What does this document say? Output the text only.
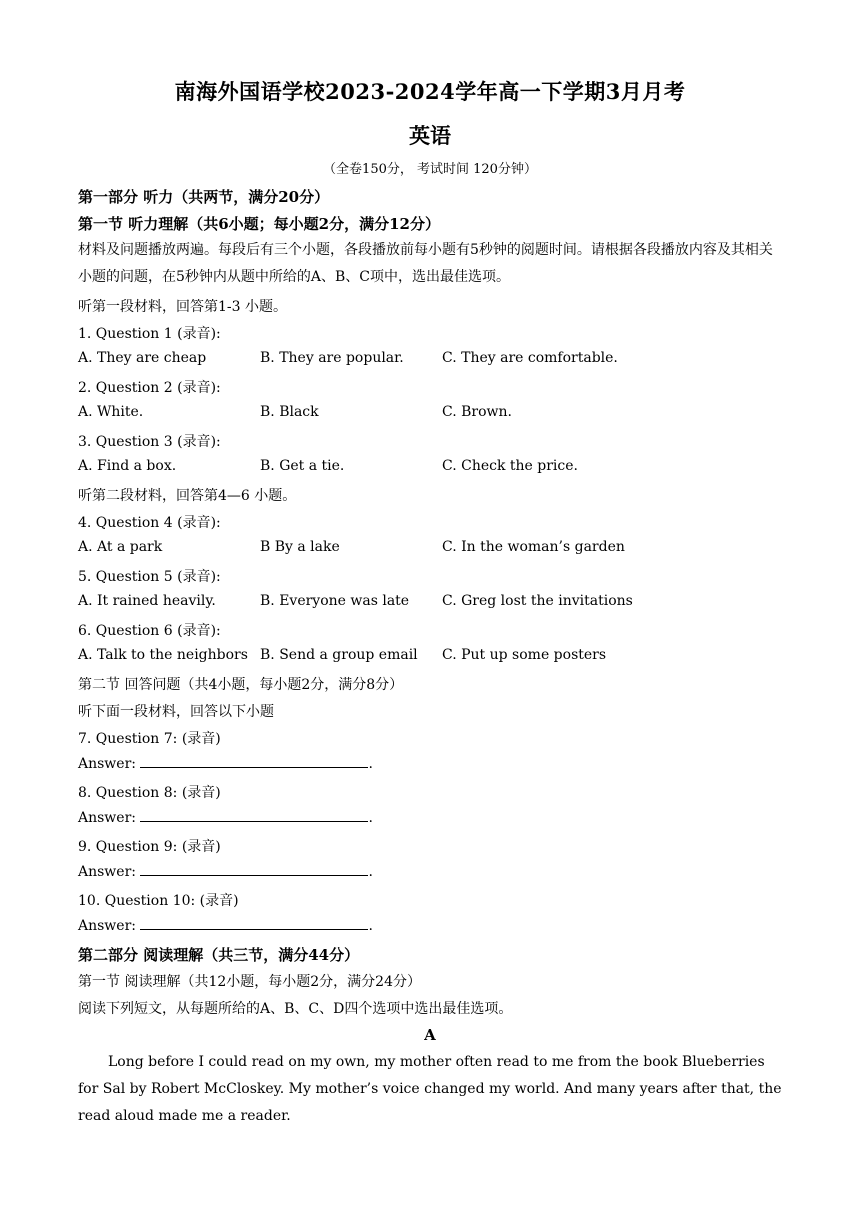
南海外国语学校2023-2024学年高一下学期3月月考
英语
（全卷150分， 考试时间 120分钟）
第一部分 听力（共两节，满分20分）
第一节 听力理解（共6小题；每小题2分，满分12分）
材料及问题播放两遍。每段后有三个小题，各段播放前每小题有5秒钟的阅题时间。请根据各段播放内容及其相关小题的问题，在5秒钟内从题中所给的A、B、C项中，选出最佳选项。
听第一段材料，回答第1-3 小题。
1. Question 1 (录音):
A. They are cheap	B. They are popular.	C. They are comfortable.
2. Question 2 (录音):
A. White.	B. Black	C. Brown.
3. Question 3 (录音):
A. Find a box.	B. Get a tie.	C. Check the price.
听第二段材料，回答第4—6 小题。
4. Question 4 (录音):
A. At a park	B By a lake	C. In the woman’s garden
5. Question 5 (录音):
A. It rained heavily.	B. Everyone was late C. Greg lost the invitations
6. Question 6 (录音):
A. Talk to the neighbors B. Send a group email C. Put up some posters
第二节 回答问题（共4小题，每小题2分，满分8分）
听下面一段材料，回答以下小题
7. Question 7: (录音)
Answer:	.
8. Question 8: (录音)
Answer:	.
9. Question 9: (录音)
Answer:	.
10. Question 10: (录音)
Answer:	.
第二部分 阅读理解（共三节，满分44分）
第一节 阅读理解（共12小题，每小题2分，满分24分）
阅读下列短文，从每题所给的A、B、C、D四个选项中选出最佳选项。
A
Long before I could read on my own, my mother often read to me from the book Blueberries for Sal by Robert McCloskey. My mother’s voice changed my world. And many years after that, the read aloud made me a reader.
